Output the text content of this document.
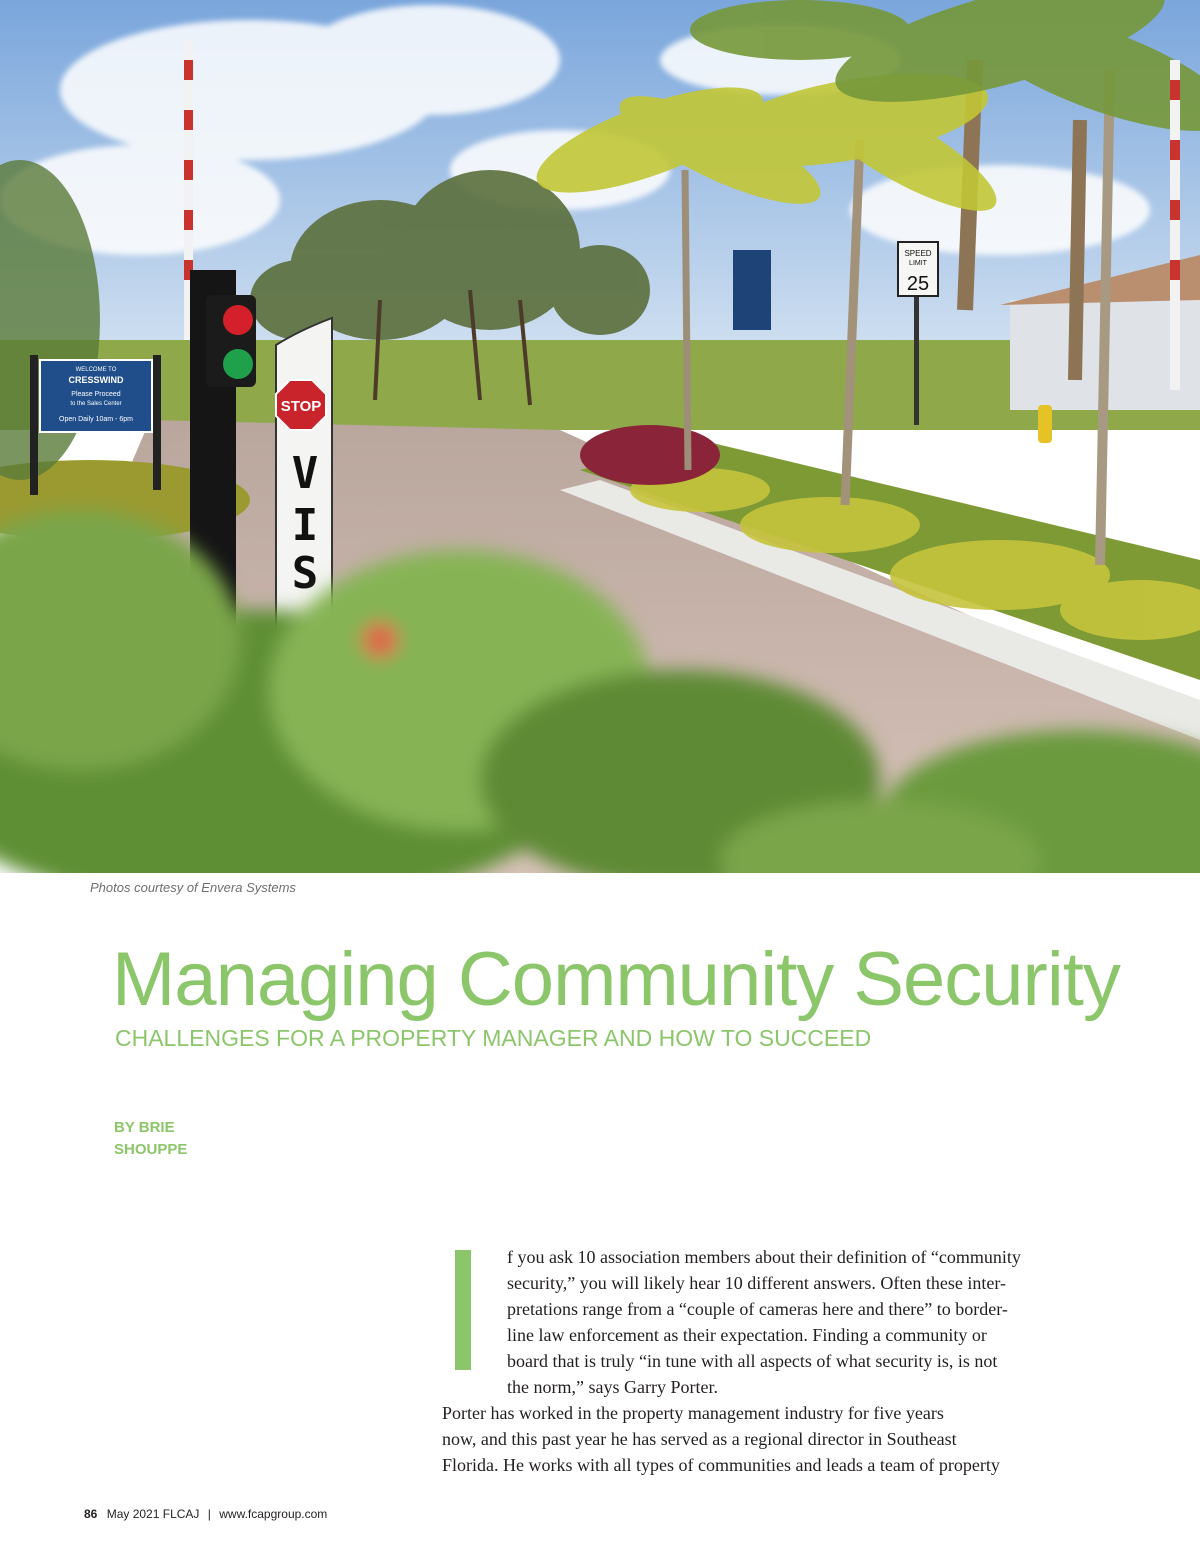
WELCOME TO
CRESSWIND
Please Proceed
to the Sales Center
Open Daily 10am - 6pm
SPEED
LIMIT
25
STOP
V
I
S
Photos courtesy of Envera Systems
Managing Community Security
CHALLENGES FOR A PROPERTY MANAGER AND HOW TO SUCCEED
BY BRIE
SHOUPPE

f you ask 10 association members about their definition of “community
security,” you will likely hear 10 different answers. Often these inter-
pretations range from a “couple of cameras here and there” to border-
line law enforcement as their expectation. Finding a community or
board that is truly “in tune with all aspects of what security is, is not
the norm,” says Garry Porter.

Porter has worked in the property management industry for five years
now, and this past year he has served as a regional director in Southeast
Florida. He works with all types of communities and leads a team of property

86 May 2021 FLCAJ | www.fcapgroup.com
